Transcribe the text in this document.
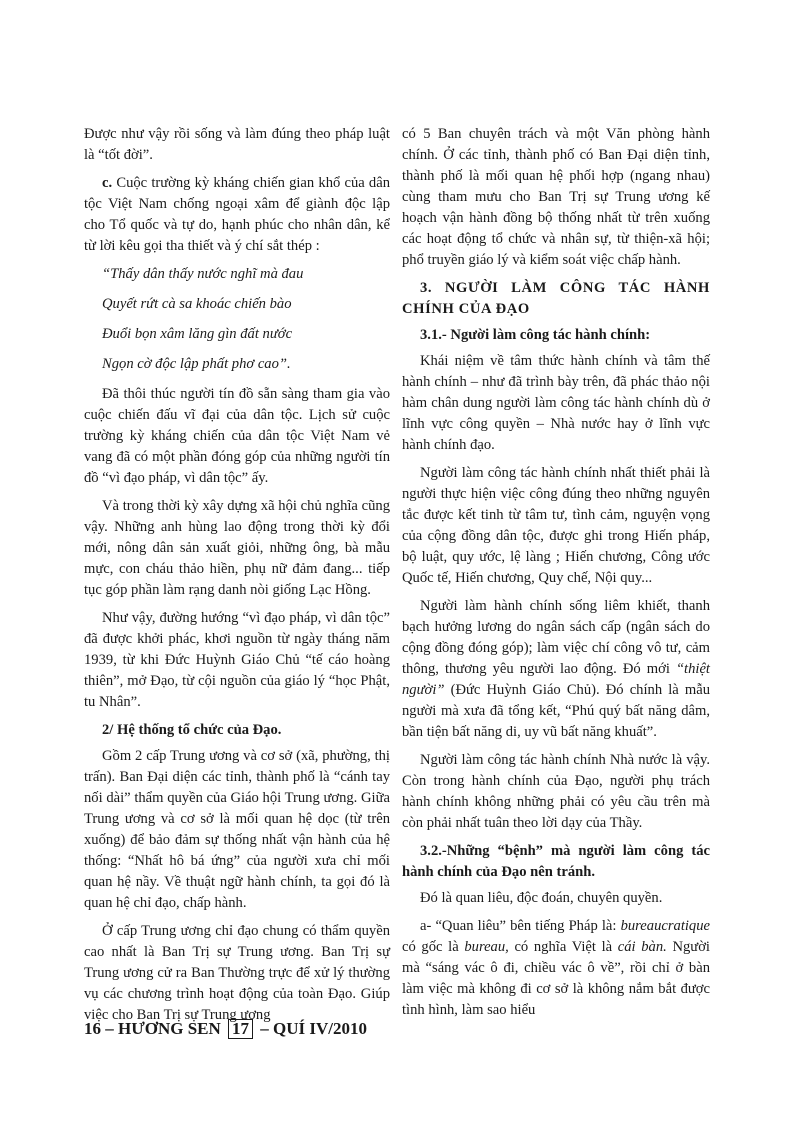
Được như vậy rồi sống và làm đúng theo pháp luật là “tốt đời”.

c. Cuộc trường kỳ kháng chiến gian khổ của dân tộc Việt Nam chống ngoại xâm để giành độc lập cho Tổ quốc và tự do, hạnh phúc cho nhân dân, kể từ lời kêu gọi tha thiết và ý chí sắt thép :

“Thấy dân thấy nước nghĩ mà đau

Quyết rứt cà sa khoác chiến bào

Đuổi bọn xâm lăng gìn đất nước

Ngọn cờ độc lập phất phơ cao”.

Đã thôi thúc người tín đồ sẵn sàng tham gia vào cuộc chiến đấu vĩ đại của dân tộc. Lịch sử cuộc trường kỳ kháng chiến của dân tộc Việt Nam vẻ vang đã có một phần đóng góp của những người tín đồ “vì đạo pháp, vì dân tộc” ấy.

Và trong thời kỳ xây dựng xã hội chủ nghĩa cũng vậy. Những anh hùng lao động trong thời kỳ đổi mới, nông dân sản xuất giỏi, những ông, bà mẫu mực, con cháu thảo hiền, phụ nữ đảm đang... tiếp tục góp phần làm rạng danh nòi giống Lạc Hồng.

Như vậy, đường hướng “vì đạo pháp, vì dân tộc” đã được khởi phác, khơi nguồn từ ngày tháng năm 1939, từ khi Đức Huỳnh Giáo Chủ “tế cáo hoàng thiên”, mở Đạo, từ cội nguồn của giáo lý “học Phật, tu Nhân”.

2/ Hệ thống tổ chức của Đạo.

Gồm 2 cấp Trung ương và cơ sở (xã, phường, thị trấn). Ban Đại diện các tỉnh, thành phố là “cánh tay nối dài” thẩm quyền của Giáo hội Trung ương. Giữa Trung ương và cơ sở là mối quan hệ dọc (từ trên xuống) để bảo đảm sự thống nhất vận hành của hệ thống: “Nhất hô bá ứng” của người xưa chỉ mối quan hệ nầy. Về thuật ngữ hành chính, ta gọi đó là quan hệ chỉ đạo, chấp hành.

Ở cấp Trung ương chỉ đạo chung có thẩm quyền cao nhất là Ban Trị sự Trung ương. Ban Trị sự Trung ương cử ra Ban Thường trực để xử lý thường vụ các chương trình hoạt động của toàn Đạo. Giúp việc cho Ban Trị sự Trung ương

có 5 Ban chuyên trách và một Văn phòng hành chính. Ở các tỉnh, thành phố có Ban Đại diện tỉnh, thành phố là mối quan hệ phối hợp (ngang nhau) cùng tham mưu cho Ban Trị sự Trung ương kế hoạch vận hành đồng bộ thống nhất từ trên xuống các hoạt động tổ chức và nhân sự, từ thiện-xã hội; phổ truyền giáo lý và kiểm soát việc chấp hành.

3. NGƯỜI LÀM CÔNG TÁC HÀNH CHÍNH CỦA ĐẠO
3.1.- Người làm công tác hành chính:

Khái niệm về tâm thức hành chính và tâm thế hành chính – như đã trình bày trên, đã phác thảo nội hàm chân dung người làm công tác hành chính dù ở lĩnh vực công quyền – Nhà nước hay ở lĩnh vực hành chính đạo.

Người làm công tác hành chính nhất thiết phải là người thực hiện việc công đúng theo những nguyên tắc được kết tinh từ tâm tư, tình cảm, nguyện vọng của cộng đồng dân tộc, được ghi trong Hiến pháp, bộ luật, quy ước, lệ làng ; Hiến chương, Công ước Quốc tế, Hiến chương, Quy chế, Nội quy...

Người làm hành chính sống liêm khiết, thanh bạch hưởng lương do ngân sách cấp (ngân sách do cộng đồng đóng góp); làm việc chí công vô tư, cảm thông, thương yêu người lao động. Đó mới “thiệt người” (Đức Huỳnh Giáo Chủ). Đó chính là mẫu người mà xưa đã tổng kết, “Phú quý bất năng dâm, bần tiện bất năng di, uy vũ bất năng khuất”.

Người làm công tác hành chính Nhà nước là vậy. Còn trong hành chính của Đạo, người phụ trách hành chính không những phải có yêu cầu trên mà còn phải nhất tuân theo lời dạy của Thầy.

3.2.-Những “bệnh” mà người làm công tác hành chính của Đạo nên tránh.

Đó là quan liêu, độc đoán, chuyên quyền.

a- “Quan liêu” bên tiếng Pháp là: bureaucratique có gốc là bureau, có nghĩa Việt là cái bàn. Người mà “sáng vác ô đi, chiều vác ô về”, rồi chỉ ở bàn làm việc mà không đi cơ sở là không nắm bắt được tình hình, làm sao hiểu

16 – HƯƠNG SEN 17 – QUÍ IV/2010
